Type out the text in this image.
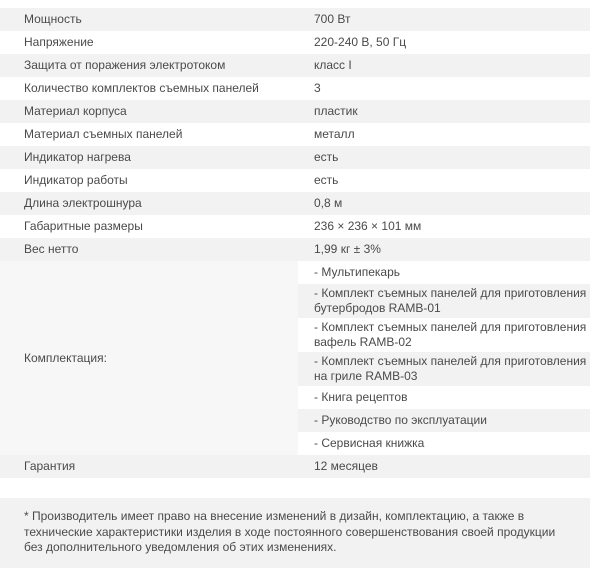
Мощность	700 Вт
Напряжение	220-240 В, 50 Гц
Защита от поражения электротоком	класс I
Количество комплектов съемных панелей	3
Материал корпуса	пластик
Материал съемных панелей	металл
Индикатор нагрева	есть
Индикатор работы	есть
Длина электрошнура	0,8 м
Габаритные размеры	236 × 236 × 101 мм
Вес нетто	1,99 кг ± 3%
Комплектация:	- Мультипекарь
	- Комплект съемных панелей для приготовления бутербродов RAMB-01
	- Комплект съемных панелей для приготовления вафель RAMB-02
	- Комплект съемных панелей для приготовления на гриле RAMB-03
	- Книга рецептов
	- Руководство по эксплуатации
	- Сервисная книжка
Гарантия	12 месяцев
* Производитель имеет право на внесение изменений в дизайн, комплектацию, а также в технические характеристики изделия в ходе постоянного совершенствования своей продукции без дополнительного уведомления об этих изменениях.
